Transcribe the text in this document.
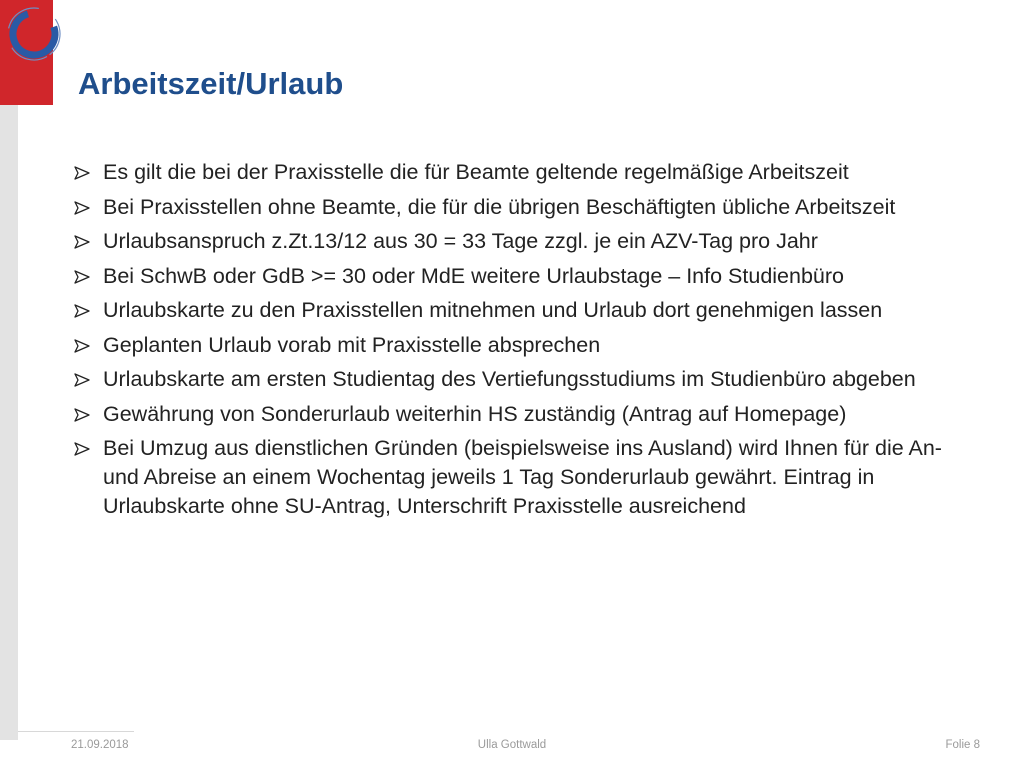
Arbeitszeit/Urlaub
Es gilt die bei der Praxisstelle die für Beamte geltende regelmäßige Arbeitszeit
Bei Praxisstellen ohne Beamte, die für die übrigen Beschäftigten übliche Arbeitszeit
Urlaubsanspruch z.Zt.13/12 aus 30 = 33 Tage zzgl. je ein AZV-Tag pro Jahr
Bei SchwB oder GdB >= 30 oder MdE weitere Urlaubstage – Info Studienbüro
Urlaubskarte zu den Praxisstellen mitnehmen und Urlaub dort genehmigen lassen
Geplanten Urlaub vorab mit Praxisstelle absprechen
Urlaubskarte am ersten Studientag des Vertiefungsstudiums im Studienbüro abgeben
Gewährung von Sonderurlaub weiterhin HS zuständig (Antrag auf Homepage)
Bei Umzug aus dienstlichen Gründen (beispielsweise ins Ausland) wird Ihnen für die An- und Abreise an einem Wochentag jeweils 1 Tag Sonderurlaub gewährt. Eintrag in Urlaubskarte ohne SU-Antrag, Unterschrift Praxisstelle ausreichend
21.09.2018	Ulla Gottwald	Folie 8
